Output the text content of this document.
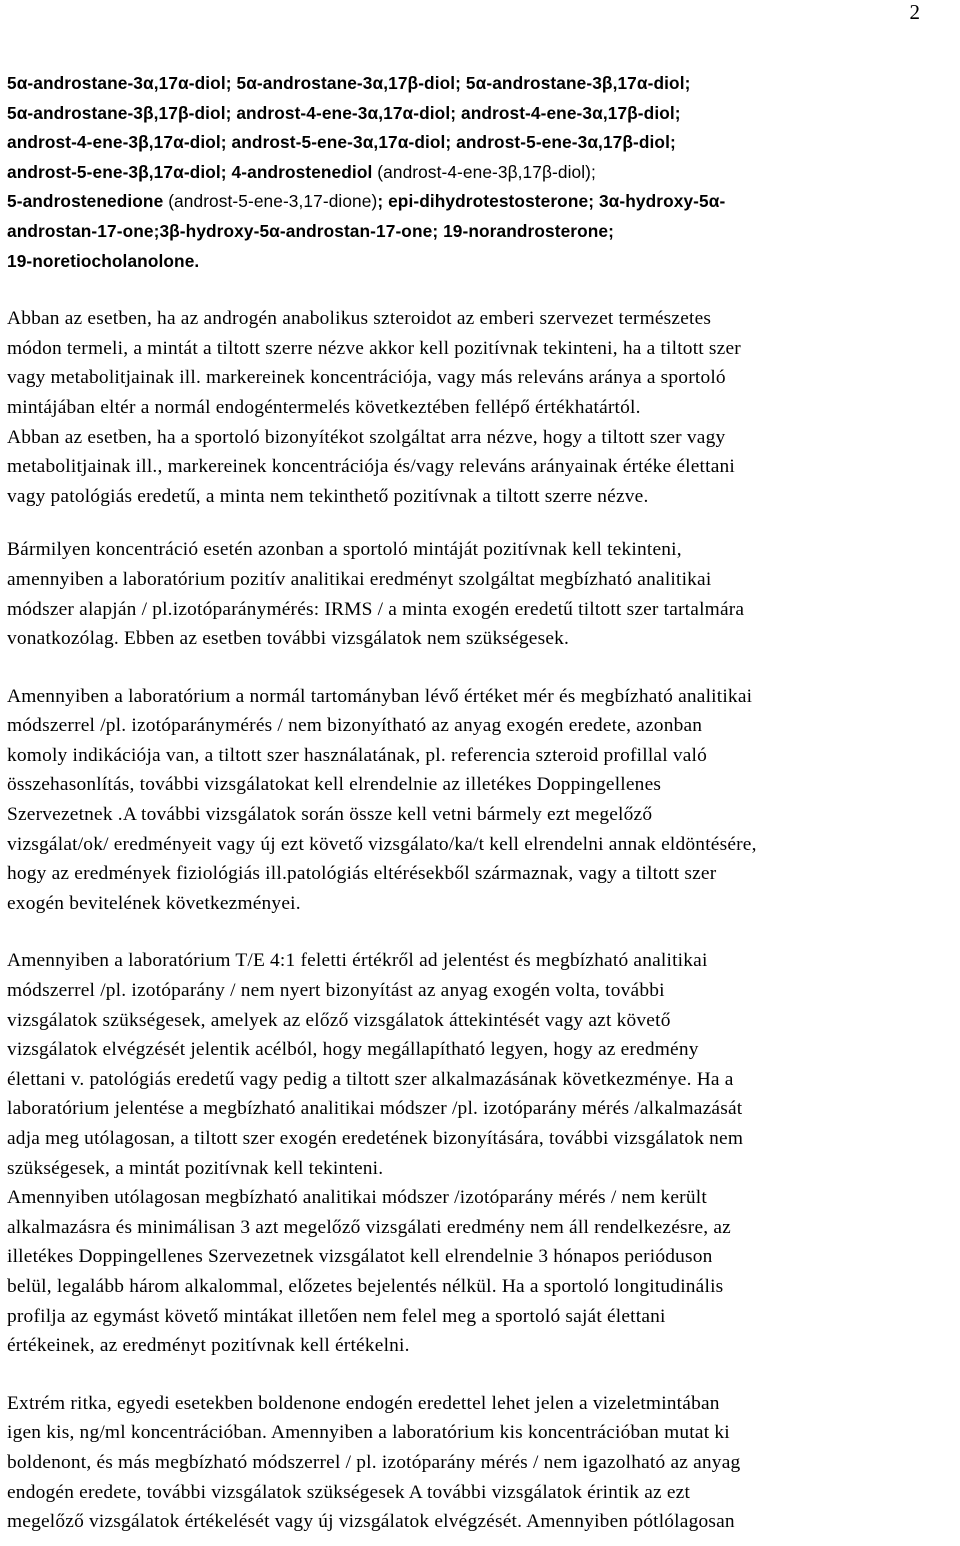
2
5α-androstane-3α,17α-diol; 5α-androstane-3α,17β-diol; 5α-androstane-3β,17α-diol;
5α-androstane-3β,17β-diol; androst-4-ene-3α,17α-diol; androst-4-ene-3α,17β-diol;
androst-4-ene-3β,17α-diol; androst-5-ene-3α,17α-diol; androst-5-ene-3α,17β-diol;
androst-5-ene-3β,17α-diol; 4-androstenediol (androst-4-ene-3β,17β-diol);
5-androstenedione (androst-5-ene-3,17-dione); epi-dihydrotestosterone; 3α-hydroxy-5α-
androstan-17-one;3β-hydroxy-5α-androstan-17-one; 19-norandrosterone;
19-noretiocholanolone.
Abban az esetben, ha az androgén anabolikus szteroidot az emberi szervezet természetes
módon termeli, a mintát a tiltott szerre nézve akkor kell pozitívnak tekinteni, ha a tiltott szer
vagy metabolitjainak ill. markereinek koncentrációja, vagy más releváns aránya a sportoló
mintájában eltér a normál endogéntermelés következtében fellépő értékhatártól.
Abban az esetben, ha a sportoló bizonyítékot szolgáltat arra nézve, hogy a tiltott szer vagy
metabolitjainak ill., markereinek koncentrációja és/vagy releváns arányainak értéke élettani
vagy patológiás eredetű, a minta nem tekinthető pozitívnak a tiltott szerre nézve.
Bármilyen koncentráció esetén azonban a sportoló mintáját pozitívnak kell tekinteni,
amennyiben a laboratórium pozitív analitikai eredményt szolgáltat megbízható analitikai
módszer alapján / pl.izotóparánymérés: IRMS / a minta exogén eredetű tiltott szer tartalmára
vonatkozólag. Ebben az esetben további vizsgálatok nem szükségesek.
Amennyiben a laboratórium a normál tartományban lévő értéket mér és megbízható analitikai
módszerrel /pl. izotóparánymérés / nem bizonyítható az anyag exogén eredete, azonban
komoly indikációja van, a tiltott szer használatának, pl. referencia szteroid profillal való
összehasonlítás, további vizsgálatokat kell elrendelnie az illetékes Doppingellenes
Szervezetnek .A további vizsgálatok során össze kell vetni bármely ezt megelőző
vizsgálat/ok/ eredményeit vagy új ezt követő vizsgálato/ka/t kell elrendelni annak eldöntésére,
hogy az eredmények fiziológiás ill.patológiás eltérésekből származnak, vagy a tiltott szer
exogén bevitelének következményei.
Amennyiben a laboratórium T/E 4:1 feletti értékről ad jelentést és megbízható analitikai
módszerrel /pl. izotóparány / nem nyert bizonyítást az anyag exogén volta, további
vizsgálatok szükségesek, amelyek az előző vizsgálatok áttekintését vagy azt követő
vizsgálatok elvégzését jelentik acélból, hogy megállapítható legyen, hogy az eredmény
élettani v. patológiás eredetű vagy pedig a tiltott szer alkalmazásának következménye. Ha a
laboratórium jelentése a megbízható analitikai módszer /pl. izotóparány mérés /alkalmazását
adja meg utólagosan, a tiltott szer exogén eredetének bizonyítására, további vizsgálatok nem
szükségesek, a mintát pozitívnak kell tekinteni.
Amennyiben utólagosan megbízható analitikai módszer /izotóparány mérés / nem került
alkalmazásra és minimálisan 3 azt megelőző vizsgálati eredmény nem áll rendelkezésre, az
illetékes Doppingellenes Szervezetnek vizsgálatot kell elrendelnie 3 hónapos perióduson
belül, legalább három alkalommal, előzetes bejelentés nélkül. Ha a sportoló longitudinális
profilja az egymást követő mintákat illetően nem felel meg a sportoló saját élettani
értékeinek, az eredményt pozitívnak kell értékelni.
Extrém ritka, egyedi esetekben boldenone endogén eredettel lehet jelen a vizeletmintában
igen kis, ng/ml koncentrációban. Amennyiben a laboratórium kis koncentrációban mutat ki
boldenont, és más megbízható módszerrel / pl. izotóparány mérés / nem igazolható az anyag
endogén eredete, további vizsgálatok szükségesek A további vizsgálatok érintik az ezt
megelőző vizsgálatok értékelését vagy új vizsgálatok elvégzését. Amennyiben pótlólagosan
